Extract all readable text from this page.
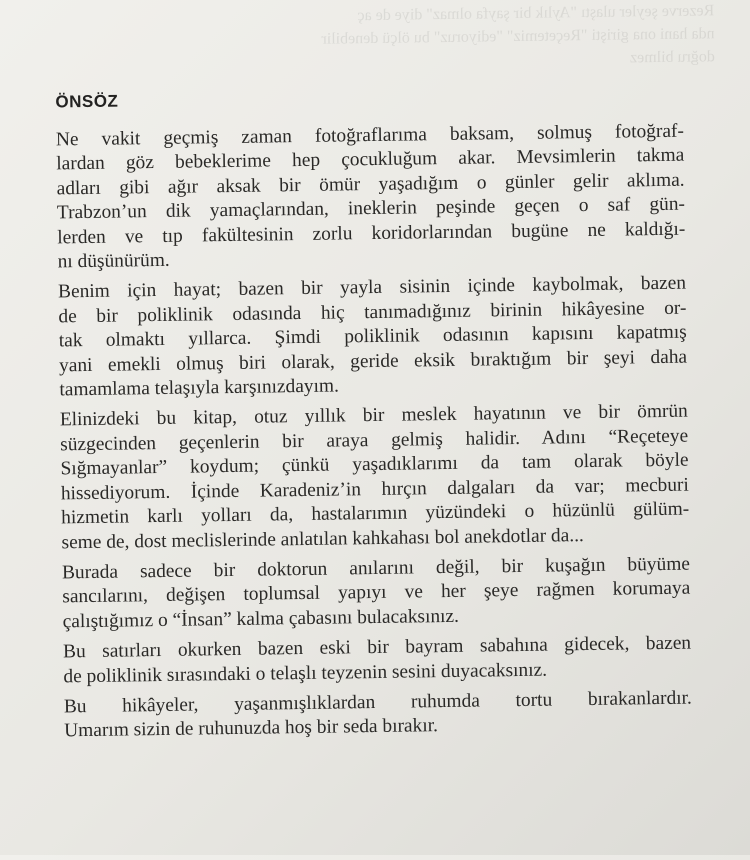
Rezerve şeyler ulaştı "Aylık bir şayfa olmaz" diye de aç
nda hani ona girişti "Reçetemiz" "ediyoruz" bu ölçü denebilir
doğru bilmez
ÖNSÖZ
Ne vakit geçmiş zaman fotoğraflarıma baksam, solmuş fotoğraf-
lardan göz bebeklerime hep çocukluğum akar. Mevsimlerin takma
adları gibi ağır aksak bir ömür yaşadığım o günler gelir aklıma.
Trabzon’un dik yamaçlarından, ineklerin peşinde geçen o saf gün-
lerden ve tıp fakültesinin zorlu koridorlarından bugüne ne kaldığı-
nı düşünürüm.
Benim için hayat; bazen bir yayla sisinin içinde kaybolmak, bazen
de bir poliklinik odasında hiç tanımadığınız birinin hikâyesine or-
tak olmaktı yıllarca. Şimdi poliklinik odasının kapısını kapatmış
yani emekli olmuş biri olarak, geride eksik bıraktığım bir şeyi daha
tamamlama telaşıyla karşınızdayım.
Elinizdeki bu kitap, otuz yıllık bir meslek hayatının ve bir ömrün
süzgecinden geçenlerin bir araya gelmiş halidir. Adını “Reçeteye
Sığmayanlar” koydum; çünkü yaşadıklarımı da tam olarak böyle
hissediyorum. İçinde Karadeniz’in hırçın dalgaları da var; mecburi
hizmetin karlı yolları da, hastalarımın yüzündeki o hüzünlü gülüm-
seme de, dost meclislerinde anlatılan kahkahası bol anekdotlar da...
Burada sadece bir doktorun anılarını değil, bir kuşağın büyüme
sancılarını, değişen toplumsal yapıyı ve her şeye rağmen korumaya
çalıştığımız o “İnsan” kalma çabasını bulacaksınız.
Bu satırları okurken bazen eski bir bayram sabahına gidecek, bazen
de poliklinik sırasındaki o telaşlı teyzenin sesini duyacaksınız.
Bu hikâyeler, yaşanmışlıklardan ruhumda tortu bırakanlardır.
Umarım sizin de ruhunuzda hoş bir seda bırakır.
